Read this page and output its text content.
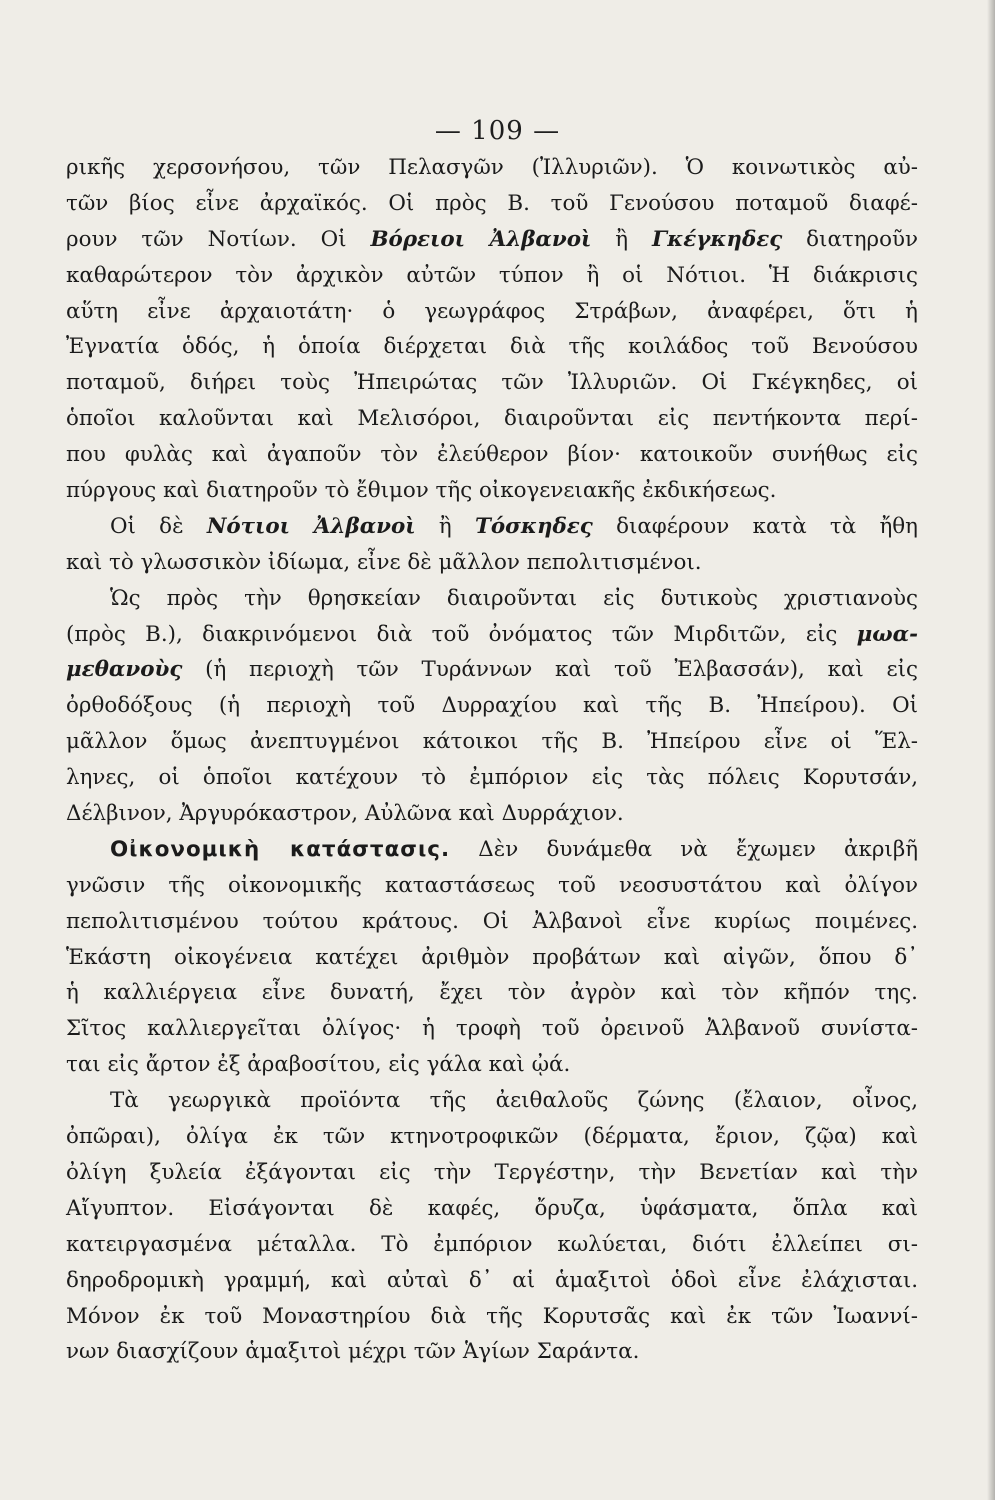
— 109 —
ρικῆς χερσονήσου, τῶν Πελασγῶν (Ἰλλυριῶν). Ὁ κοινωτικὸς αὐ-
τῶν βίος εἶνε ἀρχαϊκός. Οἱ πρὸς Β. τοῦ Γενούσου ποταμοῦ διαφέ-
ρουν τῶν Νοτίων. Οἱ Βόρειοι Ἀλβανοὶ ἢ Γκέγκηδες διατηροῦν
καθαρώτερον τὸν ἀρχικὸν αὐτῶν τύπον ἢ οἱ Νότιοι. Ἡ διάκρισις
αὕτη εἶνε ἀρχαιοτάτη· ὁ γεωγράφος Στράβων, ἀναφέρει, ὅτι ἡ
Ἐγνατία ὁδός, ἡ ὁποία διέρχεται διὰ τῆς κοιλάδος τοῦ Βενούσου
ποταμοῦ, διήρει τοὺς Ἠπειρώτας τῶν Ἰλλυριῶν. Οἱ Γκέγκηδες, οἱ
ὁποῖοι καλοῦνται καὶ Μελισόροι, διαιροῦνται εἰς πεντήκοντα περί-
που φυλὰς καὶ ἀγαποῦν τὸν ἐλεύθερον βίον· κατοικοῦν συνήθως εἰς
πύργους καὶ διατηροῦν τὸ ἔθιμον τῆς οἰκογενειακῆς ἐκδικήσεως.
Οἱ δὲ Νότιοι Ἀλβανοὶ ἢ Τόσκηδες διαφέρουν κατὰ τὰ ἤθη
καὶ τὸ γλωσσικὸν ἰδίωμα, εἶνε δὲ μᾶλλον πεπολιτισμένοι.
Ὡς πρὸς τὴν θρησκείαν διαιροῦνται εἰς δυτικοὺς χριστιανοὺς
(πρὸς Β.), διακρινόμενοι διὰ τοῦ ὀνόματος τῶν Μιρδιτῶν, εἰς μωα-
μεθανοὺς (ἡ περιοχὴ τῶν Τυράννων καὶ τοῦ Ἐλβασσάν), καὶ εἰς
ὀρθοδόξους (ἡ περιοχὴ τοῦ Δυρραχίου καὶ τῆς Β. Ἠπείρου). Οἱ
μᾶλλον ὅμως ἀνεπτυγμένοι κάτοικοι τῆς Β. Ἠπείρου εἶνε οἱ Ἕλ-
ληνες, οἱ ὁποῖοι κατέχουν τὸ ἐμπόριον εἰς τὰς πόλεις Κορυτσάν,
Δέλβινον, Ἀργυρόκαστρον, Αὐλῶνα καὶ Δυρράχιον.
Οἰκονομικὴ κατάστασις. Δὲν δυνάμεθα νὰ ἔχωμεν ἀκριβῆ
γνῶσιν τῆς οἰκονομικῆς καταστάσεως τοῦ νεοσυστάτου καὶ ὀλίγον
πεπολιτισμένου τούτου κράτους. Οἱ Ἀλβανοὶ εἶνε κυρίως ποιμένες.
Ἑκάστη οἰκογένεια κατέχει ἀριθμὸν προβάτων καὶ αἰγῶν, ὅπου δ᾽
ἡ καλλιέργεια εἶνε δυνατή, ἔχει τὸν ἀγρὸν καὶ τὸν κῆπόν της.
Σῖτος καλλιεργεῖται ὀλίγος· ἡ τροφὴ τοῦ ὀρεινοῦ Ἀλβανοῦ συνίστα-
ται εἰς ἄρτον ἐξ ἀραβοσίτου, εἰς γάλα καὶ ᾠά.
Τὰ γεωργικὰ προϊόντα τῆς ἀειθαλοῦς ζώνης (ἔλαιον, οἶνος,
ὀπῶραι), ὀλίγα ἐκ τῶν κτηνοτροφικῶν (δέρματα, ἔριον, ζῷα) καὶ
ὀλίγη ξυλεία ἐξάγονται εἰς τὴν Τεργέστην, τὴν Βενετίαν καὶ τὴν
Αἴγυπτον. Εἰσάγονται δὲ καφές, ὄρυζα, ὑφάσματα, ὅπλα καὶ
κατειργασμένα μέταλλα. Τὸ ἐμπόριον κωλύεται, διότι ἐλλείπει σι-
δηροδρομικὴ γραμμή, καὶ αὐταὶ δ᾽ αἱ ἁμαξιτοὶ ὁδοὶ εἶνε ἐλάχισται.
Μόνον ἐκ τοῦ Μοναστηρίου διὰ τῆς Κορυτσᾶς καὶ ἐκ τῶν Ἰωαννί-
νων διασχίζουν ἁμαξιτοὶ μέχρι τῶν Ἁγίων Σαράντα.
